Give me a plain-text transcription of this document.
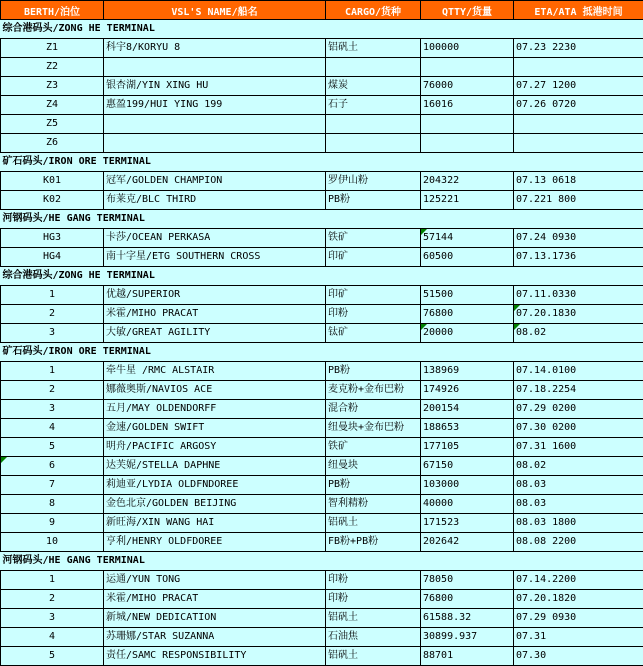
BERTH/泊位	VSL'S NAME/船名	CARGO/货种	QTTY/货量	ETA/ATA 抵港时间
综合港码头/ZONG HE TERMINAL				
Z1	科宇8/KORYU 8	铝矾土	100000	07.23 2230
Z2				
Z3	银杏湖/YIN XING HU	煤炭	76000	07.27 1200
Z4	惠盈199/HUI YING 199	石子	16016	07.26 0720
Z5				
Z6				
矿石码头/IRON ORE TERMINAL				
K01	冠军/GOLDEN CHAMPION	罗伊山粉	204322	07.13 0618
K02	布莱克/BLC THIRD	PB粉	125221	07.221 800
河钢码头/HE GANG TERMINAL				
HG3	卡莎/OCEAN PERKASA	铁矿	57144	07.24 0930
HG4	南十字星/ETG SOUTHERN CROSS	印矿	60500	07.13.1736
综合港码头/ZONG HE TERMINAL				
1	优越/SUPERIOR	印矿	51500	07.11.0330
2	米霍/MIHO PRACAT	印粉	76800	07.20.1830
3	大敏/GREAT AGILITY	钛矿	20000	08.02
矿石码头/IRON ORE TERMINAL				
1	牵牛星 /RMC ALSTAIR	PB粉	138969	07.14.0100
2	娜薇奥斯/NAVIOS ACE	麦克粉+金布巴粉	174926	07.18.2254
3	五月/MAY OLDENDORFF	混合粉	200154	07.29 0200
4	金速/GOLDEN SWIFT	纽曼块+金布巴粉	188653	07.30 0200
5	明舟/PACIFIC ARGOSY	铁矿	177105	07.31 1600
6	达芙妮/STELLA DAPHNE	纽曼块	67150	08.02
7	莉迪亚/LYDIA OLDFNDOREE	PB粉	103000	08.03
8	金色北京/GOLDEN BEIJING	智利精粉	40000	08.03
9	新旺海/XIN WANG HAI	铝矾土	171523	08.03 1800
10	亨利/HENRY OLDFDOREE	FB粉+PB粉	202642	08.08 2200
河钢码头/HE GANG TERMINAL				
1	运通/YUN TONG	印粉	78050	07.14.2200
2	米霍/MIHO PRACAT	印粉	76800	07.20.1820
3	新城/NEW DEDICATION	铝矾土	61588.32	07.29 0930
4	苏珊娜/STAR SUZANNA	石油焦	30899.937	07.31
5	责任/SAMC RESPONSIBILITY	铝矾土	88701	07.30
